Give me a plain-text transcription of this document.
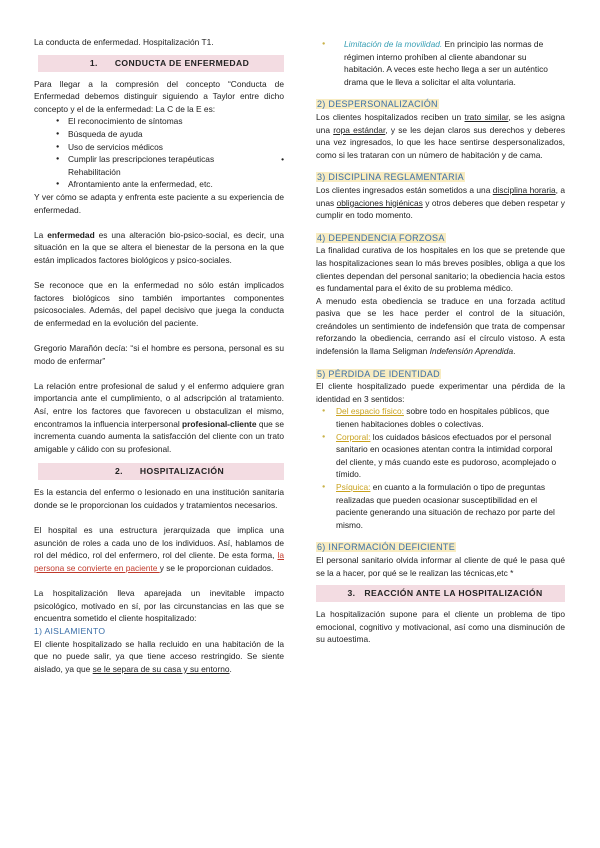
La conducta de enfermedad. Hospitalización T1.

1. CONDUCTA DE ENFERMEDAD

Para llegar a la compresión del concepto “Conducta de Enfermedad debemos distinguir siguiendo a Taylor entre dicho concepto y el de la enfermedad: La C de la E es:

● El reconocimiento de síntomas
● Búsqueda de ayuda
● Uso de servicios médicos
● Cumplir las prescripciones terapéuticas Rehabilitación
•
● Afrontamiento ante la enfermedad, etc.

Y ver cómo se adapta y enfrenta este paciente a su experiencia de enfermedad.

La enfermedad es una alteración bio-psico-social, es decir, una situación en la que se altera el bienestar de la persona en la que están implicados factores biológicos y psico-sociales.

Se reconoce que en la enfermedad no sólo están implicados factores biológicos sino también importantes componentes psicosociales. Además, del papel decisivo que juega la conducta de enfermedad en la evolución del paciente.

Gregorio Marañón decía: “si el hombre es persona, personal es su modo de enfermar”

La relación entre profesional de salud y el enfermo adquiere gran importancia ante el cumplimiento, o al adscripción al tratamiento. Así, entre los factores que favorecen u obstaculizan el mismo, encontramos la influencia interpersonal profesional-cliente que se incrementa cuando aumenta la satisfacción del cliente con un trato amigable y cálido con su profesional.

2. HOSPITALIZACIÓN

Es la estancia del enfermo o lesionado en una institución sanitaria donde se le proporcionan los cuidados y tratamientos necesarios.

El hospital es una estructura jerarquizada que implica una asunción de roles a cada uno de los individuos. Así, hablamos de rol del médico, rol del enfermero, rol del cliente. De esta forma, la persona se convierte en paciente y se le proporcionan cuidados.

La hospitalización lleva aparejada un inevitable impacto psicológico, motivado en sí, por las circunstancias en las que se encuentra sometido el cliente hospitalizado:

1) AISLAMIENTO

El cliente hospitalizado se halla recluido en una habitación de la que no puede salir, ya que tiene acceso restringido. Se siente aislado, ya que se le separa de su casa y su entorno.

● Limitación de la movilidad. En principio las normas de régimen interno prohíben al cliente abandonar su habitación. A veces este hecho llega a ser un auténtico drama que le lleva a solicitar el alta voluntaria.
2) DESPERSONALIZACIÓN

Los clientes hospitalizados reciben un trato similar, se les asigna una ropa estándar, y se les dejan claros sus derechos y deberes una vez ingresados, lo que les hace sentirse despersonalizados, como si les trataran con un número de habitación y de cama.

3) DISCIPLINA REGLAMENTARIA

Los clientes ingresados están sometidos a una disciplina horaria, a unas obligaciones higiénicas y otros deberes que deben respetar y cumplir en todo momento.

4) DEPENDENCIA FORZOSA

La finalidad curativa de los hospitales en los que se pretende que las hospitalizaciones sean lo más breves posibles, obliga a que los clientes dependan del personal sanitario; la obediencia hacia estos es fundamental para el éxito de su problema médico.

A menudo esta obediencia se traduce en una forzada actitud pasiva que se les hace perder el control de la situación, creándoles un sentimiento de indefensión que trata de compensar reforzando la obediencia, cerrando así el círculo vistoso. A esta indefensión la llama Seligman Indefensión Aprendida.

5) PÉRDIDA DE IDENTIDAD

El cliente hospitalizado puede experimentar una pérdida de la identidad en 3 sentidos:

● Del espacio físico: sobre todo en hospitales públicos, que tienen habitaciones dobles o colectivas.
● Corporal: los cuidados básicos efectuados por el personal sanitario en ocasiones atentan contra la intimidad corporal del cliente, y más cuando este es pudoroso, acomplejado o tímido.
● Psíquica: en cuanto a la formulación o tipo de preguntas realizadas que pueden ocasionar susceptibilidad en el paciente generando una situación de rechazo por parte del mismo.
6) INFORMACIÓN DEFICIENTE

El personal sanitario olvida informar al cliente de qué le pasa qué se la a hacer, por qué se le realizan las técnicas,etc *

3. REACCIÓN ANTE LA HOSPITALIZACIÓN

La hospitalización supone para el cliente un problema de tipo emocional, cognitivo y motivacional, así como una disminución de su autoestima.
